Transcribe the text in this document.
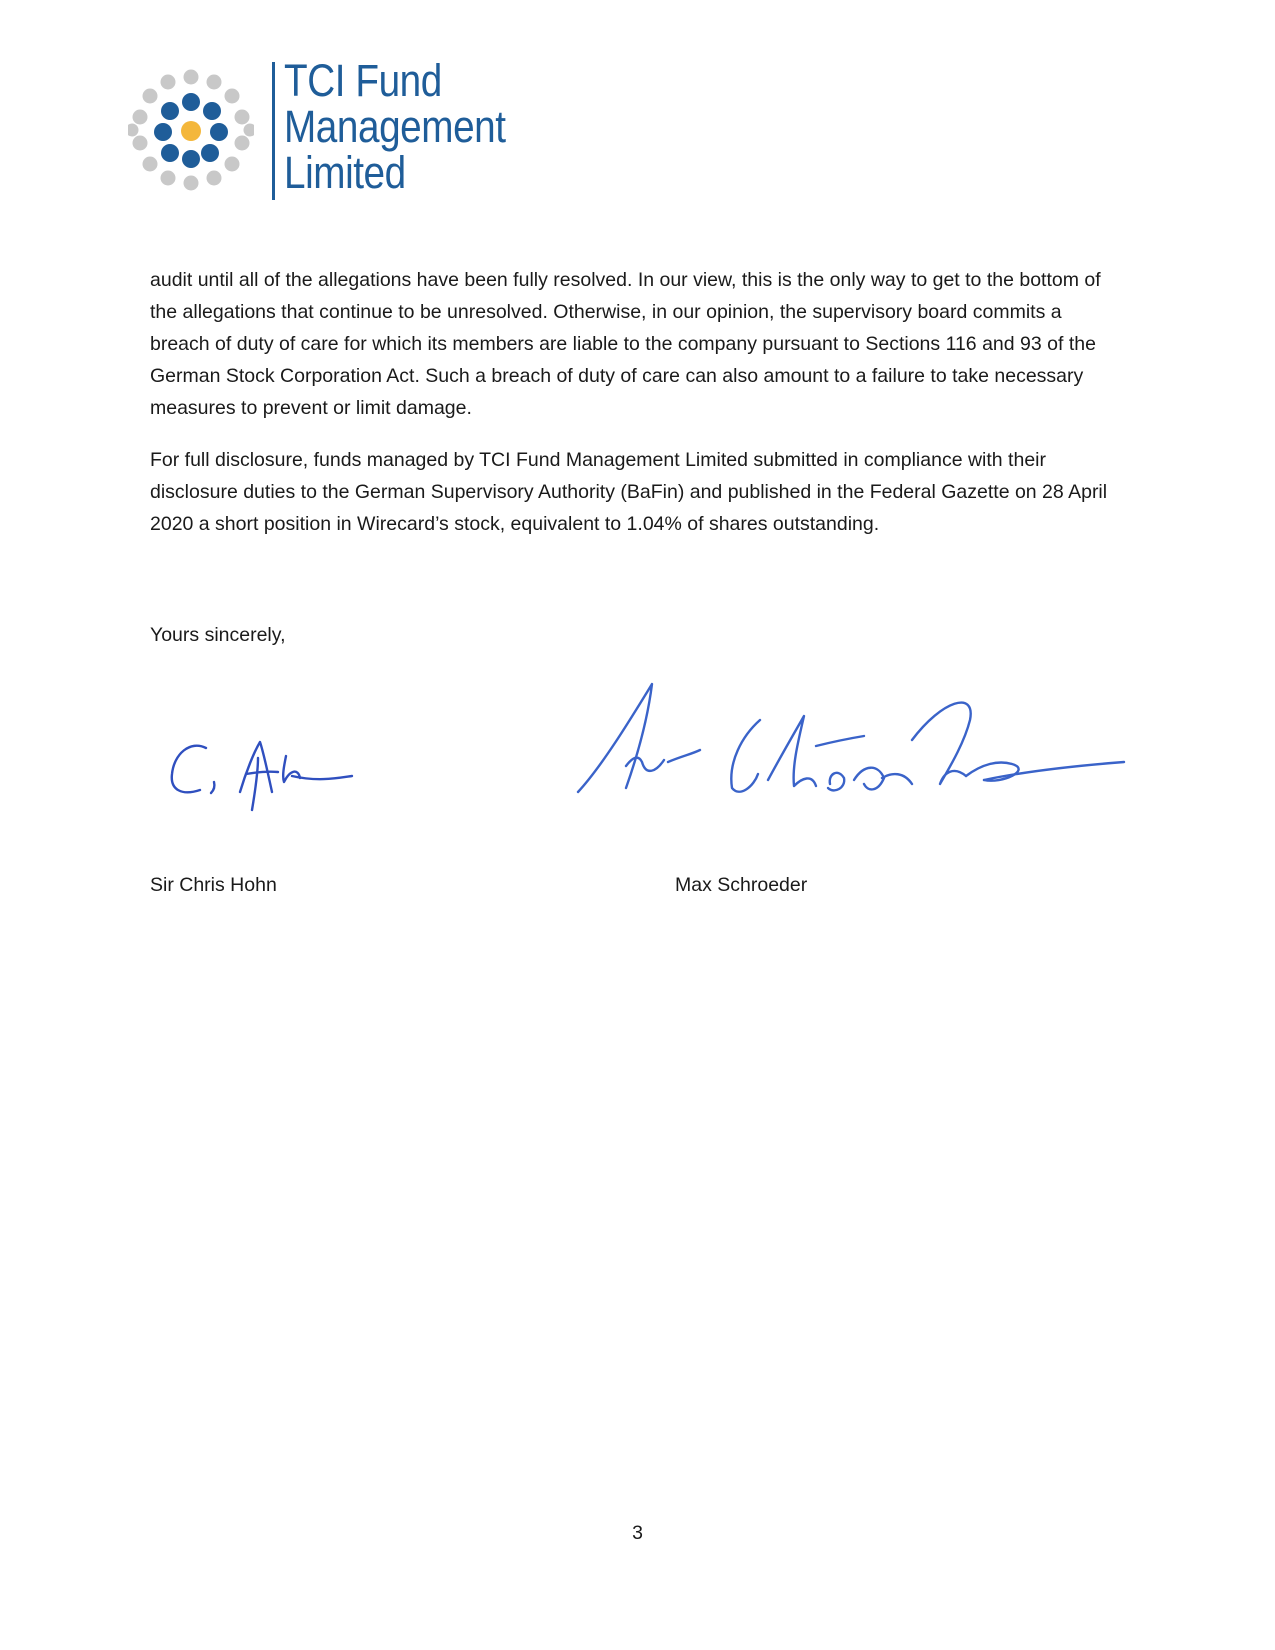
TCI Fund
Management
Limited

audit until all of the allegations have been fully resolved. In our view, this is the only way to get to the bottom of the allegations that continue to be unresolved. Otherwise, in our opinion, the supervisory board commits a breach of duty of care for which its members are liable to the company pursuant to Sections 116 and 93 of the German Stock Corporation Act. Such a breach of duty of care can also amount to a failure to take necessary measures to prevent or limit damage.

For full disclosure, funds managed by TCI Fund Management Limited submitted in compliance with their disclosure duties to the German Supervisory Authority (BaFin) and published in the Federal Gazette on 28 April 2020 a short position in Wirecard’s stock, equivalent to 1.04% of shares outstanding.

Yours sincerely,
Sir Chris Hohn	Max Schroeder
3
